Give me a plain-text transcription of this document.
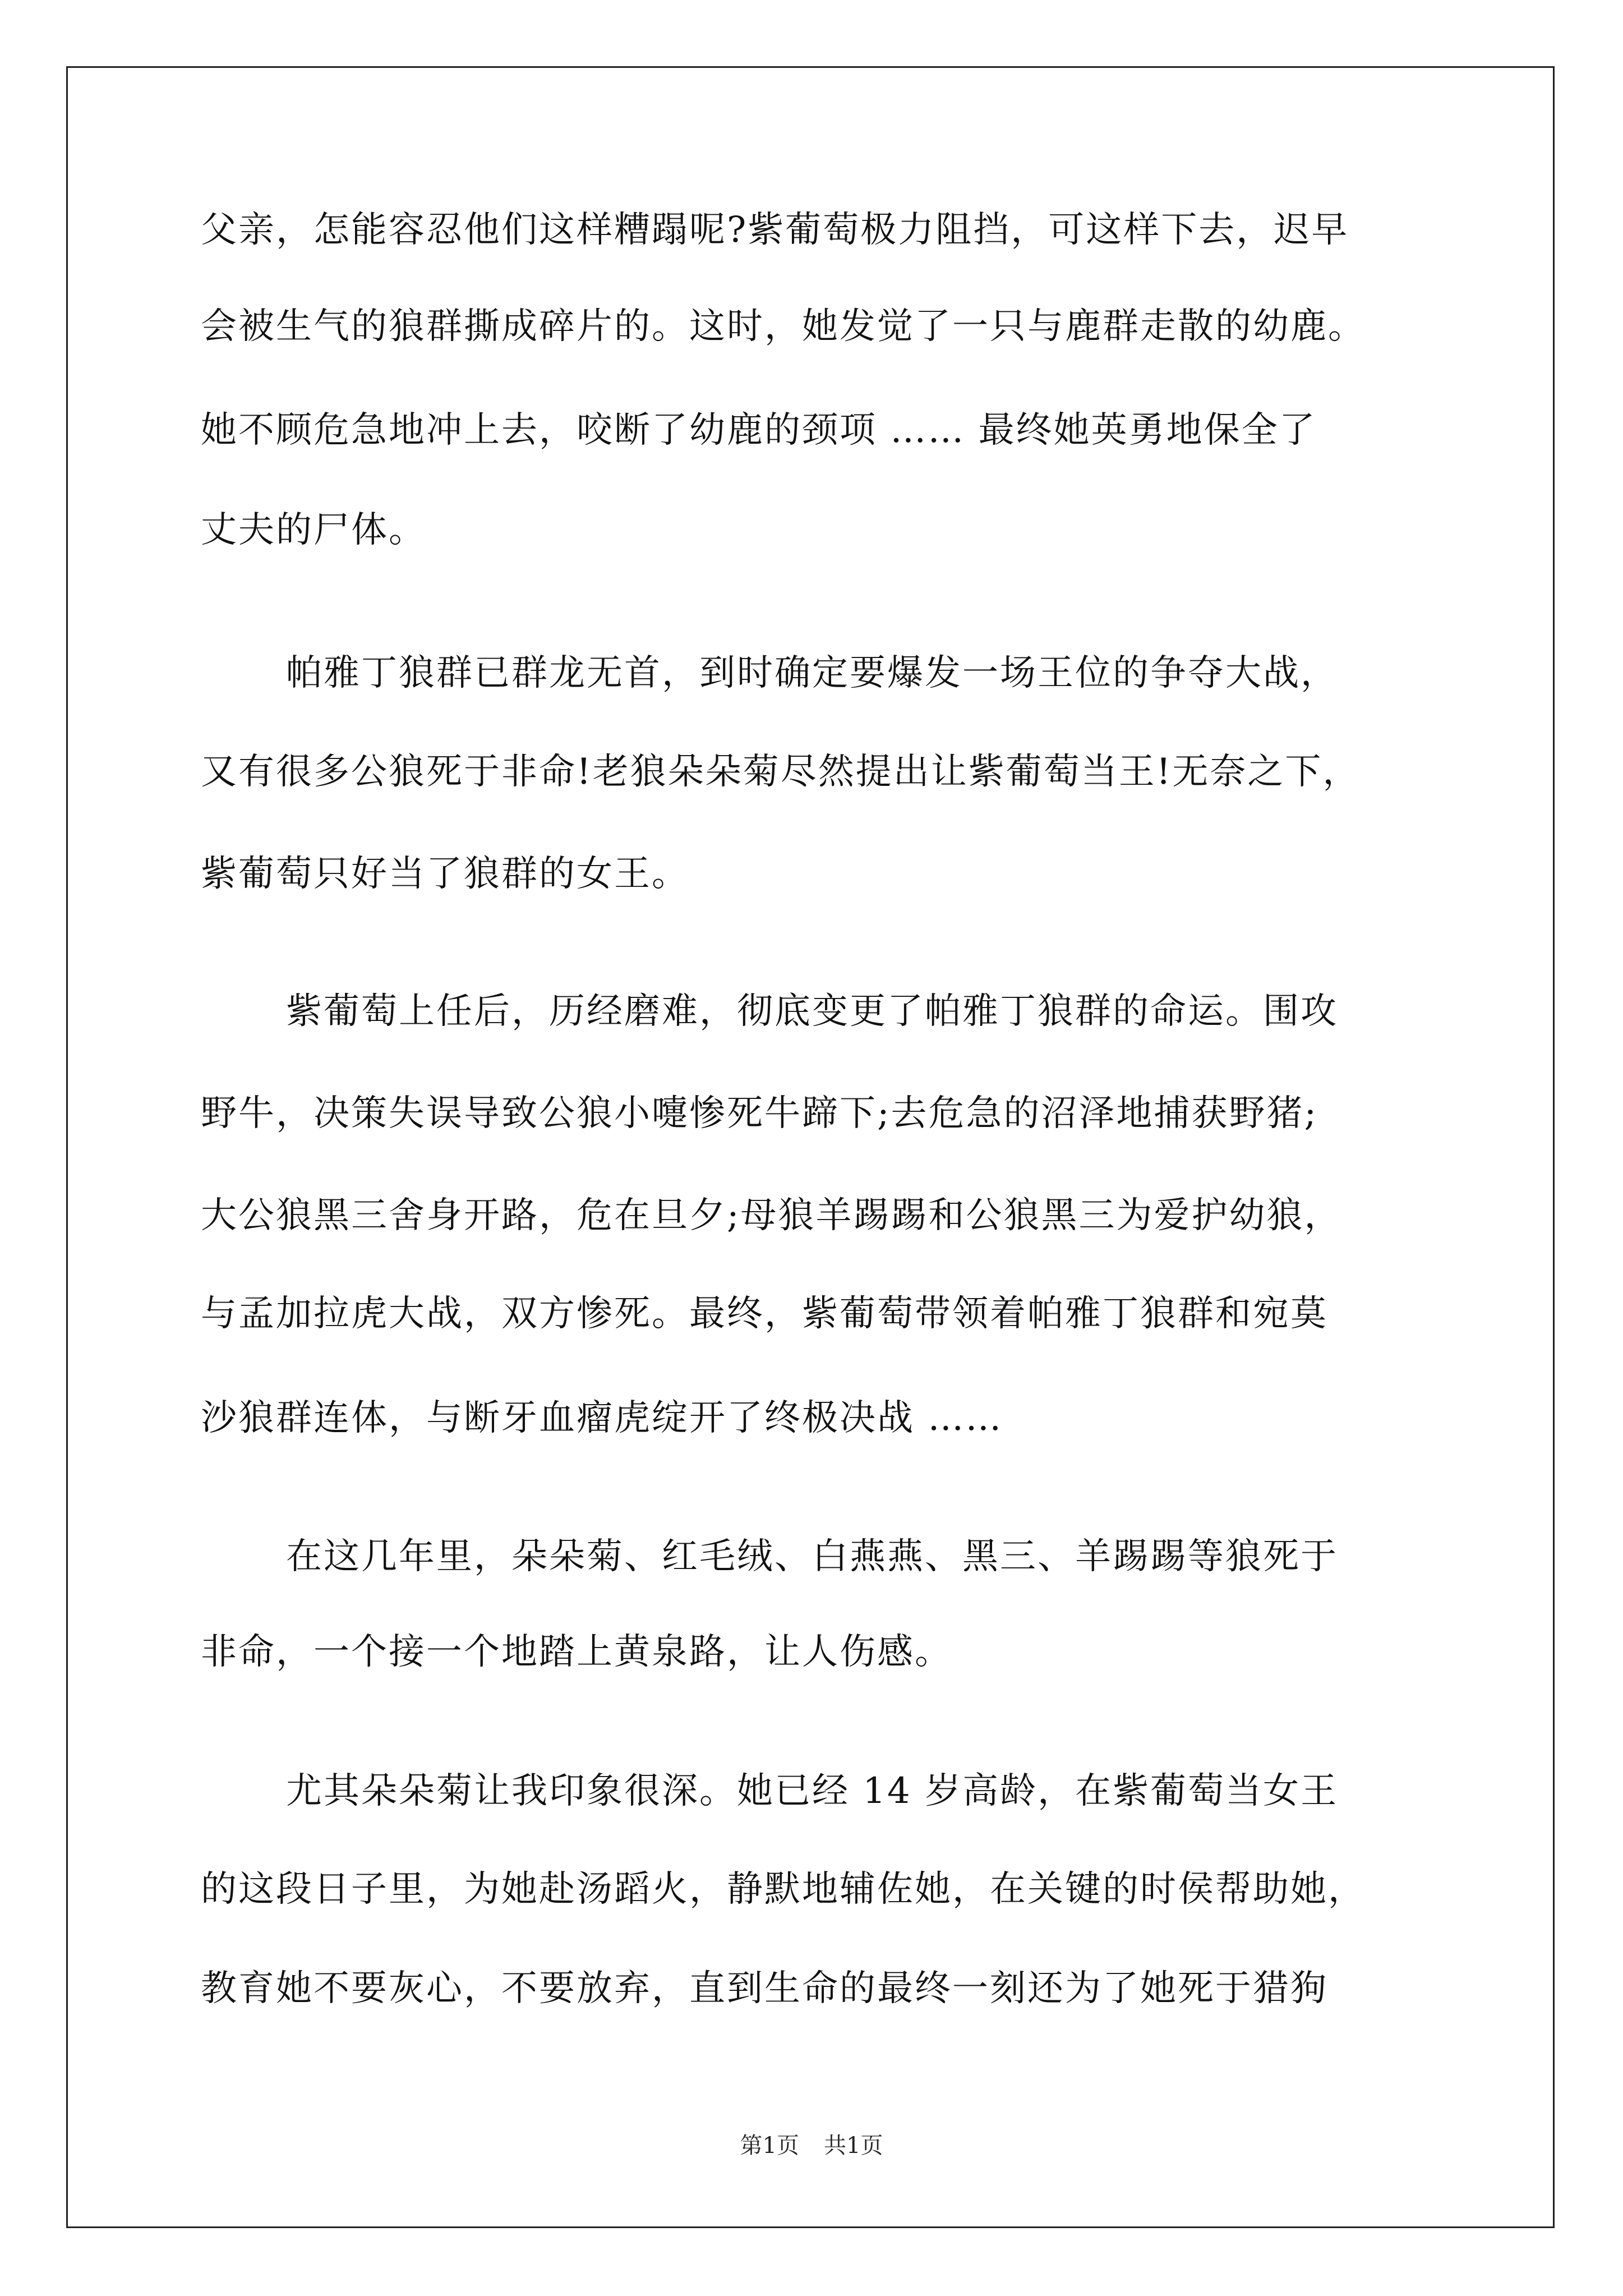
父亲，怎能容忍他们这样糟蹋呢?紫葡萄极力阻挡，可这样下去，迟早
会被生气的狼群撕成碎片的。这时，她发觉了一只与鹿群走散的幼鹿。
她不顾危急地冲上去，咬断了幼鹿的颈项 …… 最终她英勇地保全了
丈夫的尸体。
帕雅丁狼群已群龙无首，到时确定要爆发一场王位的争夺大战，
又有很多公狼死于非命!老狼朵朵菊尽然提出让紫葡萄当王!无奈之下，
紫葡萄只好当了狼群的女王。
紫葡萄上任后，历经磨难，彻底变更了帕雅丁狼群的命运。围攻
野牛，决策失误导致公狼小嚏惨死牛蹄下;去危急的沼泽地捕获野猪;
大公狼黑三舍身开路，危在旦夕;母狼羊踢踢和公狼黑三为爱护幼狼，
与孟加拉虎大战，双方惨死。最终，紫葡萄带领着帕雅丁狼群和宛莫
沙狼群连体，与断牙血瘤虎绽开了终极决战 ……
在这几年里，朵朵菊、红毛绒、白燕燕、黑三、羊踢踢等狼死于
非命，一个接一个地踏上黄泉路，让人伤感。
尤其朵朵菊让我印象很深。她已经 14 岁高龄，在紫葡萄当女王
的这段日子里，为她赴汤蹈火，静默地辅佐她，在关键的时侯帮助她，
教育她不要灰心，不要放弃，直到生命的最终一刻还为了她死于猎狗
第1页 共1页
